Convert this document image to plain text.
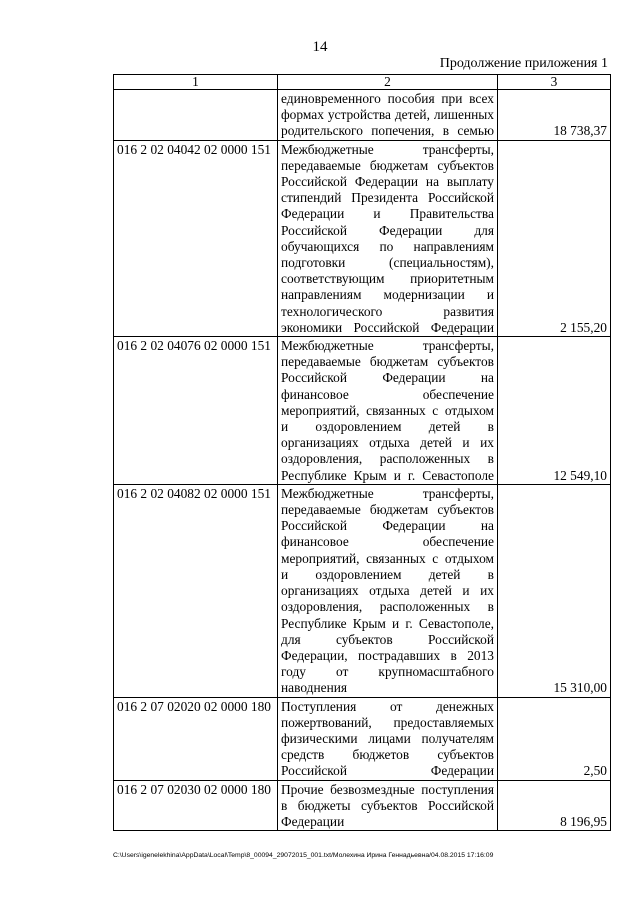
14
Продолжение приложения 1
1	2	3
	единовременного пособия при всех формах устройства детей, лишенных родительского попечения, в семью	18 738,37
016 2 02 04042 02 0000 151	Межбюджетные трансферты, передаваемые бюджетам субъектов Российской Федерации на выплату стипендий Президента Российской Федерации и Правительства Российской Федерации для обучающихся по направлениям подготовки (специальностям), соответствующим приоритетным направлениям модернизации и технологического развития экономики Российской Федерации	2 155,20
016 2 02 04076 02 0000 151	Межбюджетные трансферты, передаваемые бюджетам субъектов Российской Федерации на финансовое обеспечение мероприятий, связанных с отдыхом и оздоровлением детей в организациях отдыха детей и их оздоровления, расположенных в Республике Крым и г. Севастополе	12 549,10
016 2 02 04082 02 0000 151	Межбюджетные трансферты, передаваемые бюджетам субъектов Российской Федерации на финансовое обеспечение мероприятий, связанных с отдыхом и оздоровлением детей в организациях отдыха детей и их оздоровления, расположенных в Республике Крым и г. Севастополе, для субъектов Российской Федерации, пострадавших в 2013 году от крупномасштабного наводнения	15 310,00
016 2 07 02020 02 0000 180	Поступления от денежных пожертвований, предоставляемых физическими лицами получателям средств бюджетов субъектов Российской Федерации	2,50
016 2 07 02030 02 0000 180	Прочие безвозмездные поступления в бюджеты субъектов Российской Федерации	8 196,95
C:\Users\igenelekhina\AppData\Local\Temp\8_00094_29072015_001.txt/Молехина Ирина Геннадьевна/04.08.2015 17:16:09
